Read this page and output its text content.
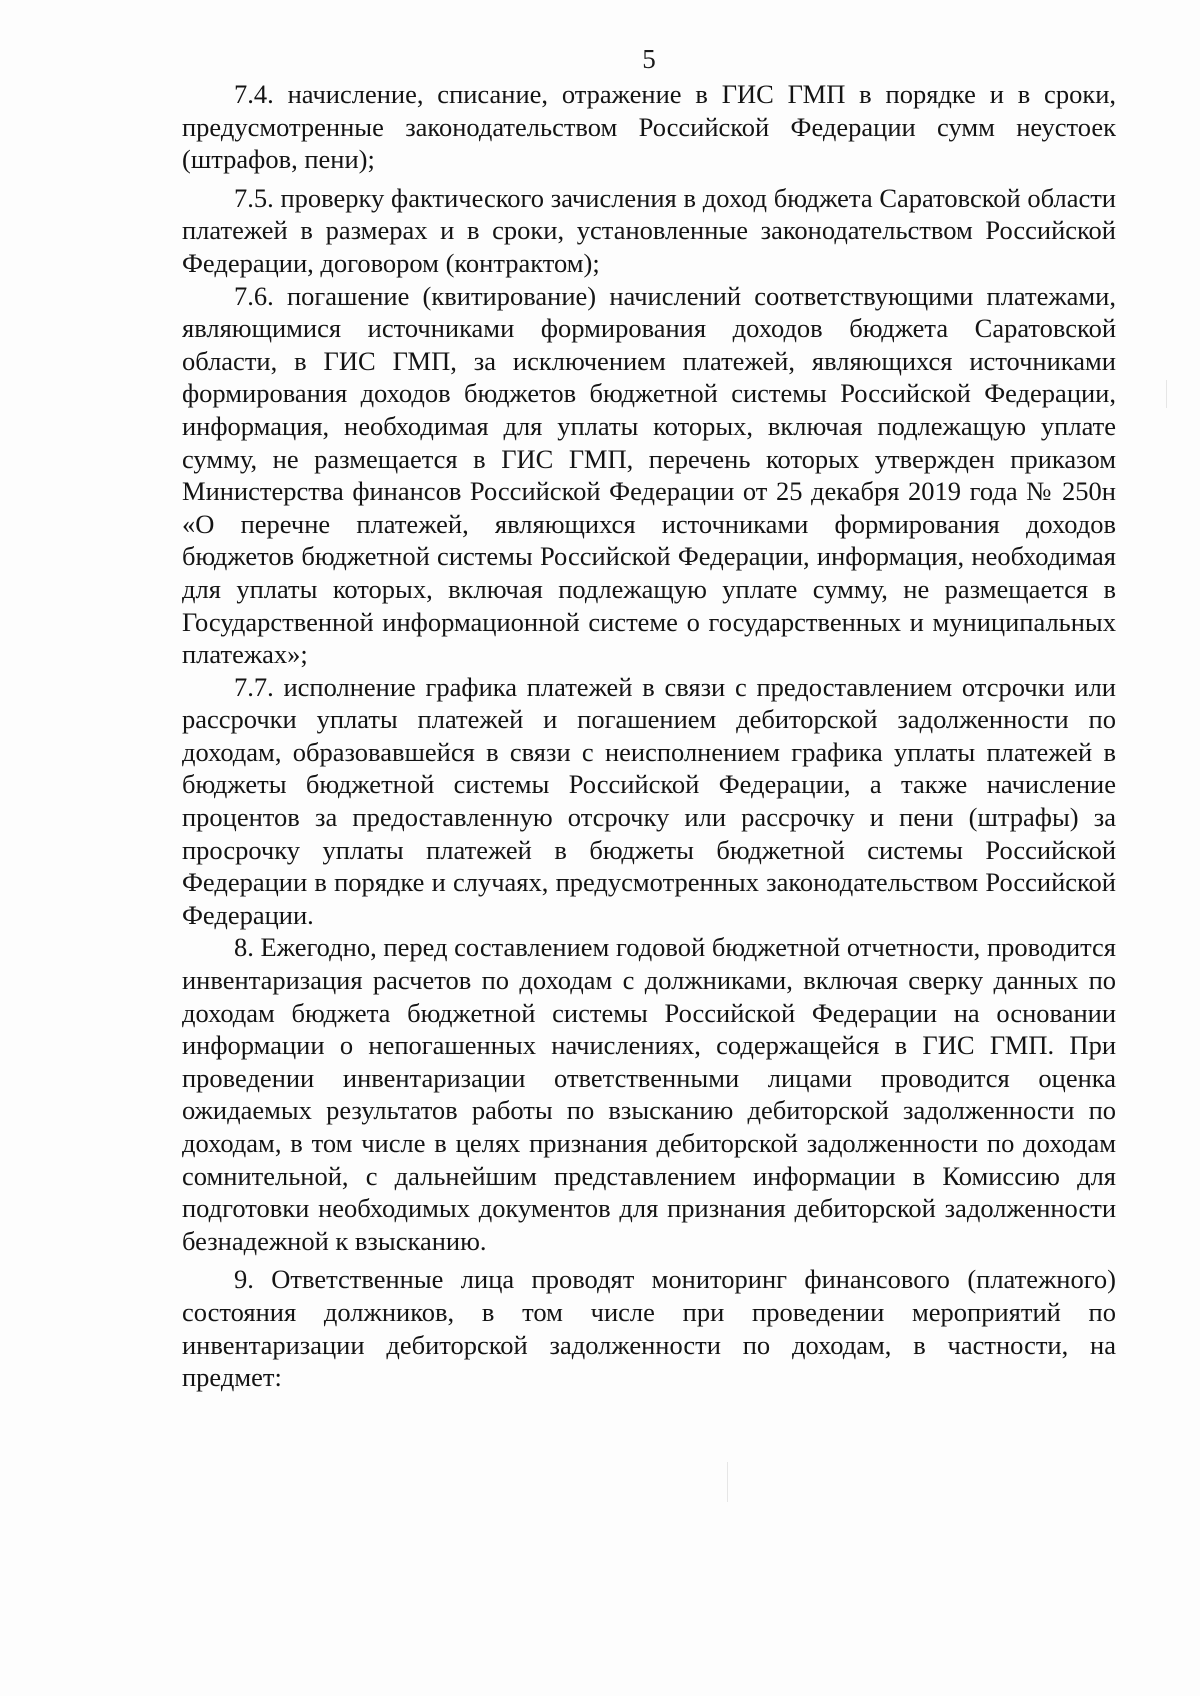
5

7.4. начисление, списание, отражение в ГИС ГМП в порядке и в сроки, предусмотренные законодательством Российской Федерации сумм неустоек (штрафов, пени);

7.5. проверку фактического зачисления в доход бюджета Саратовской области платежей в размерах и в сроки, установленные законодательством Российской Федерации, договором (контрактом);

7.6. погашение (квитирование) начислений соответствующими платежами, являющимися источниками формирования доходов бюджета Саратовской области, в ГИС ГМП, за исключением платежей, являющихся источниками формирования доходов бюджетов бюджетной системы Российской Федерации, информация, необходимая для уплаты которых, включая подлежащую уплате сумму, не размещается в ГИС ГМП, перечень которых утвержден приказом Министерства финансов Российской Федерации от 25 декабря 2019 года № 250н «О перечне платежей, являющихся источниками формирования доходов бюджетов бюджетной системы Российской Федерации, информация, необходимая для уплаты которых, включая подлежащую уплате сумму, не размещается в Государственной информационной системе о государственных и муниципальных платежах»;

7.7. исполнение графика платежей в связи с предоставлением отсрочки или рассрочки уплаты платежей и погашением дебиторской задолженности по доходам, образовавшейся в связи с неисполнением графика уплаты платежей в бюджеты бюджетной системы Российской Федерации, а также начисление процентов за предоставленную отсрочку или рассрочку и пени (штрафы) за просрочку уплаты платежей в бюджеты бюджетной системы Российской Федерации в порядке и случаях, предусмотренных законодательством Российской Федерации.

8. Ежегодно, перед составлением годовой бюджетной отчетности, проводится инвентаризация расчетов по доходам с должниками, включая сверку данных по доходам бюджета бюджетной системы Российской Федерации на основании информации о непогашенных начислениях, содержащейся в ГИС ГМП. При проведении инвентаризации ответственными лицами проводится оценка ожидаемых результатов работы по взысканию дебиторской задолженности по доходам, в том числе в целях признания дебиторской задолженности по доходам сомнительной, с дальнейшим представлением информации в Комиссию для подготовки необходимых документов для признания дебиторской задолженности безнадежной к взысканию.

9. Ответственные лица проводят мониторинг финансового (платежного) состояния должников, в том числе при проведении мероприятий по инвентаризации дебиторской задолженности по доходам, в частности, на предмет:
